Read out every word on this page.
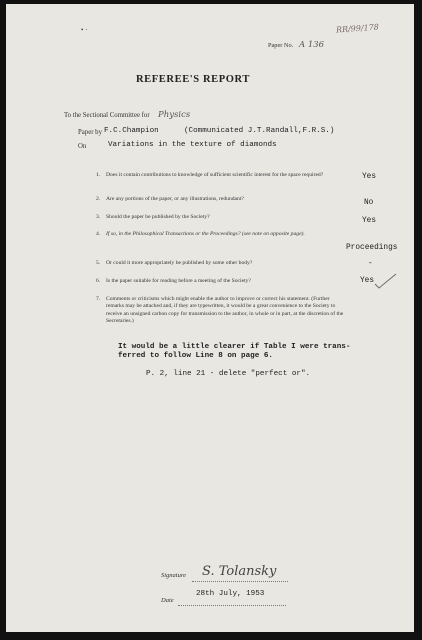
RR/99/178
• ·
Paper No. A 136
REFEREE'S REPORT
To the Sectional Committee for Physics
Paper by F.C.Champion	(Communicated J.T.Randall,F.R.S.)
On	Variations in the texture of diamonds
1. Does it contain contributions to knowledge of sufficient scientific interest for the space required?	Yes
2. Are any portions of the paper, or any illustrations, redundant?	No
3. Should the paper be published by the Society?	Yes
4. If so, in the Philosophical Transactions or the Proceedings? (see note on opposite page).
Proceedings
5. Or could it more appropriately be published by some other body?	-
6. Is the paper suitable for reading before a meeting of the Society?	Yes
7. Comments or criticisms which might enable the author to improve or correct his statement. (Further remarks may be attached and, if they are typewritten, it would be a great convenience to the Society to receive an unsigned carbon copy for transmission to the author, in whole or in part, at the discretion of the Secretaries.)
It would be a little clearer if Table I were trans-
ferred to follow Line 8 on page 6.
P. 2, line 21 - delete "perfect or".
Signature S. Tolansky
Date
28th July, 1953
